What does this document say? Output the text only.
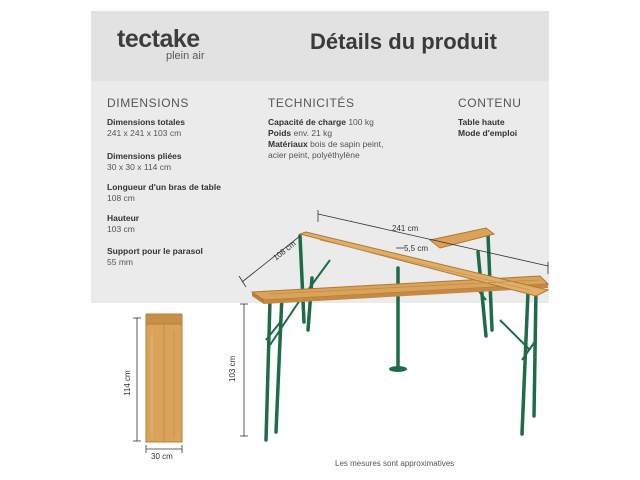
tectake
plein air
Détails du produit
DIMENSIONS	TECHNICITÉS	CONTENU
Dimensions totales
241 x 241 x 103 cm
Dimensions pliées
30 x 30 x 114 cm
Longueur d'un bras de table
108 cm
Hauteur
103 cm
Support pour le parasol
55 mm
Capacité de charge 100 kg
Poids env. 21 kg
Matériaux bois de sapin peint,
acier peint, polyéthylène
Table haute
Mode d'emploi
241 cm
108 cm	5,5 cm
103 cm
114 cm
30 cm
Les mesures sont approximatives
